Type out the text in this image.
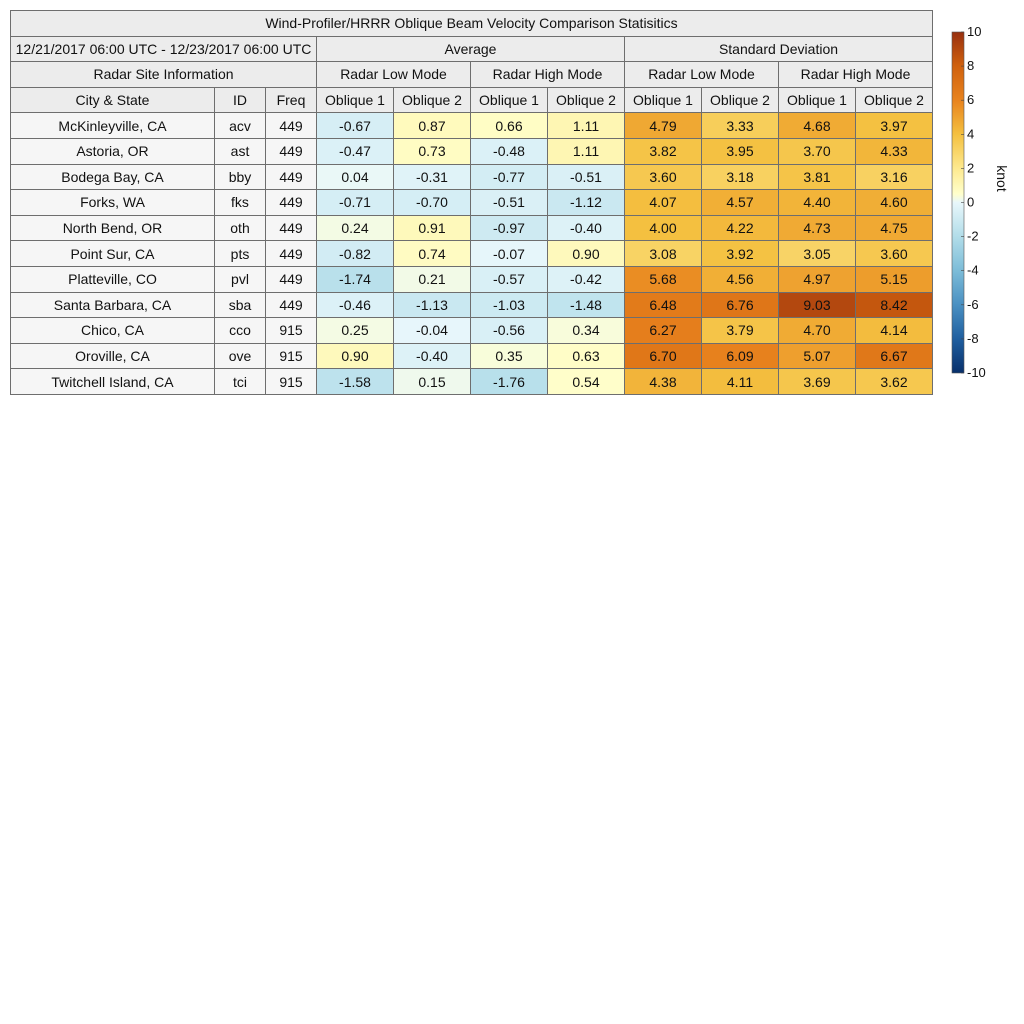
Wind-Profiler/HRRR Oblique Beam Velocity Comparison Statisitics										
12/21/2017 06:00 UTC - 12/23/2017 06:00 UTC			Average				Standard Deviation			
Radar Site Information			Radar Low Mode		Radar High Mode		Radar Low Mode		Radar High Mode	
City & State	ID	Freq	Oblique 1	Oblique 2	Oblique 1	Oblique 2	Oblique 1	Oblique 2	Oblique 1	Oblique 2
McKinleyville, CA	acv	449	-0.67	0.87	0.66	1.11	4.79	3.33	4.68	3.97
Astoria, OR	ast	449	-0.47	0.73	-0.48	1.11	3.82	3.95	3.70	4.33
Bodega Bay, CA	bby	449	0.04	-0.31	-0.77	-0.51	3.60	3.18	3.81	3.16
Forks, WA	fks	449	-0.71	-0.70	-0.51	-1.12	4.07	4.57	4.40	4.60
North Bend, OR	oth	449	0.24	0.91	-0.97	-0.40	4.00	4.22	4.73	4.75
Point Sur, CA	pts	449	-0.82	0.74	-0.07	0.90	3.08	3.92	3.05	3.60
Platteville, CO	pvl	449	-1.74	0.21	-0.57	-0.42	5.68	4.56	4.97	5.15
Santa Barbara, CA	sba	449	-0.46	-1.13	-1.03	-1.48	6.48	6.76	9.03	8.42
Chico, CA	cco	915	0.25	-0.04	-0.56	0.34	6.27	3.79	4.70	4.14
Oroville, CA	ove	915	0.90	-0.40	0.35	0.63	6.70	6.09	5.07	6.67
Twitchell Island, CA	tci	915	-1.58	0.15	-1.76	0.54	4.38	4.11	3.69	3.62
10
8
6
4
2
0
-2
-4
-6
-8
-10
knot
